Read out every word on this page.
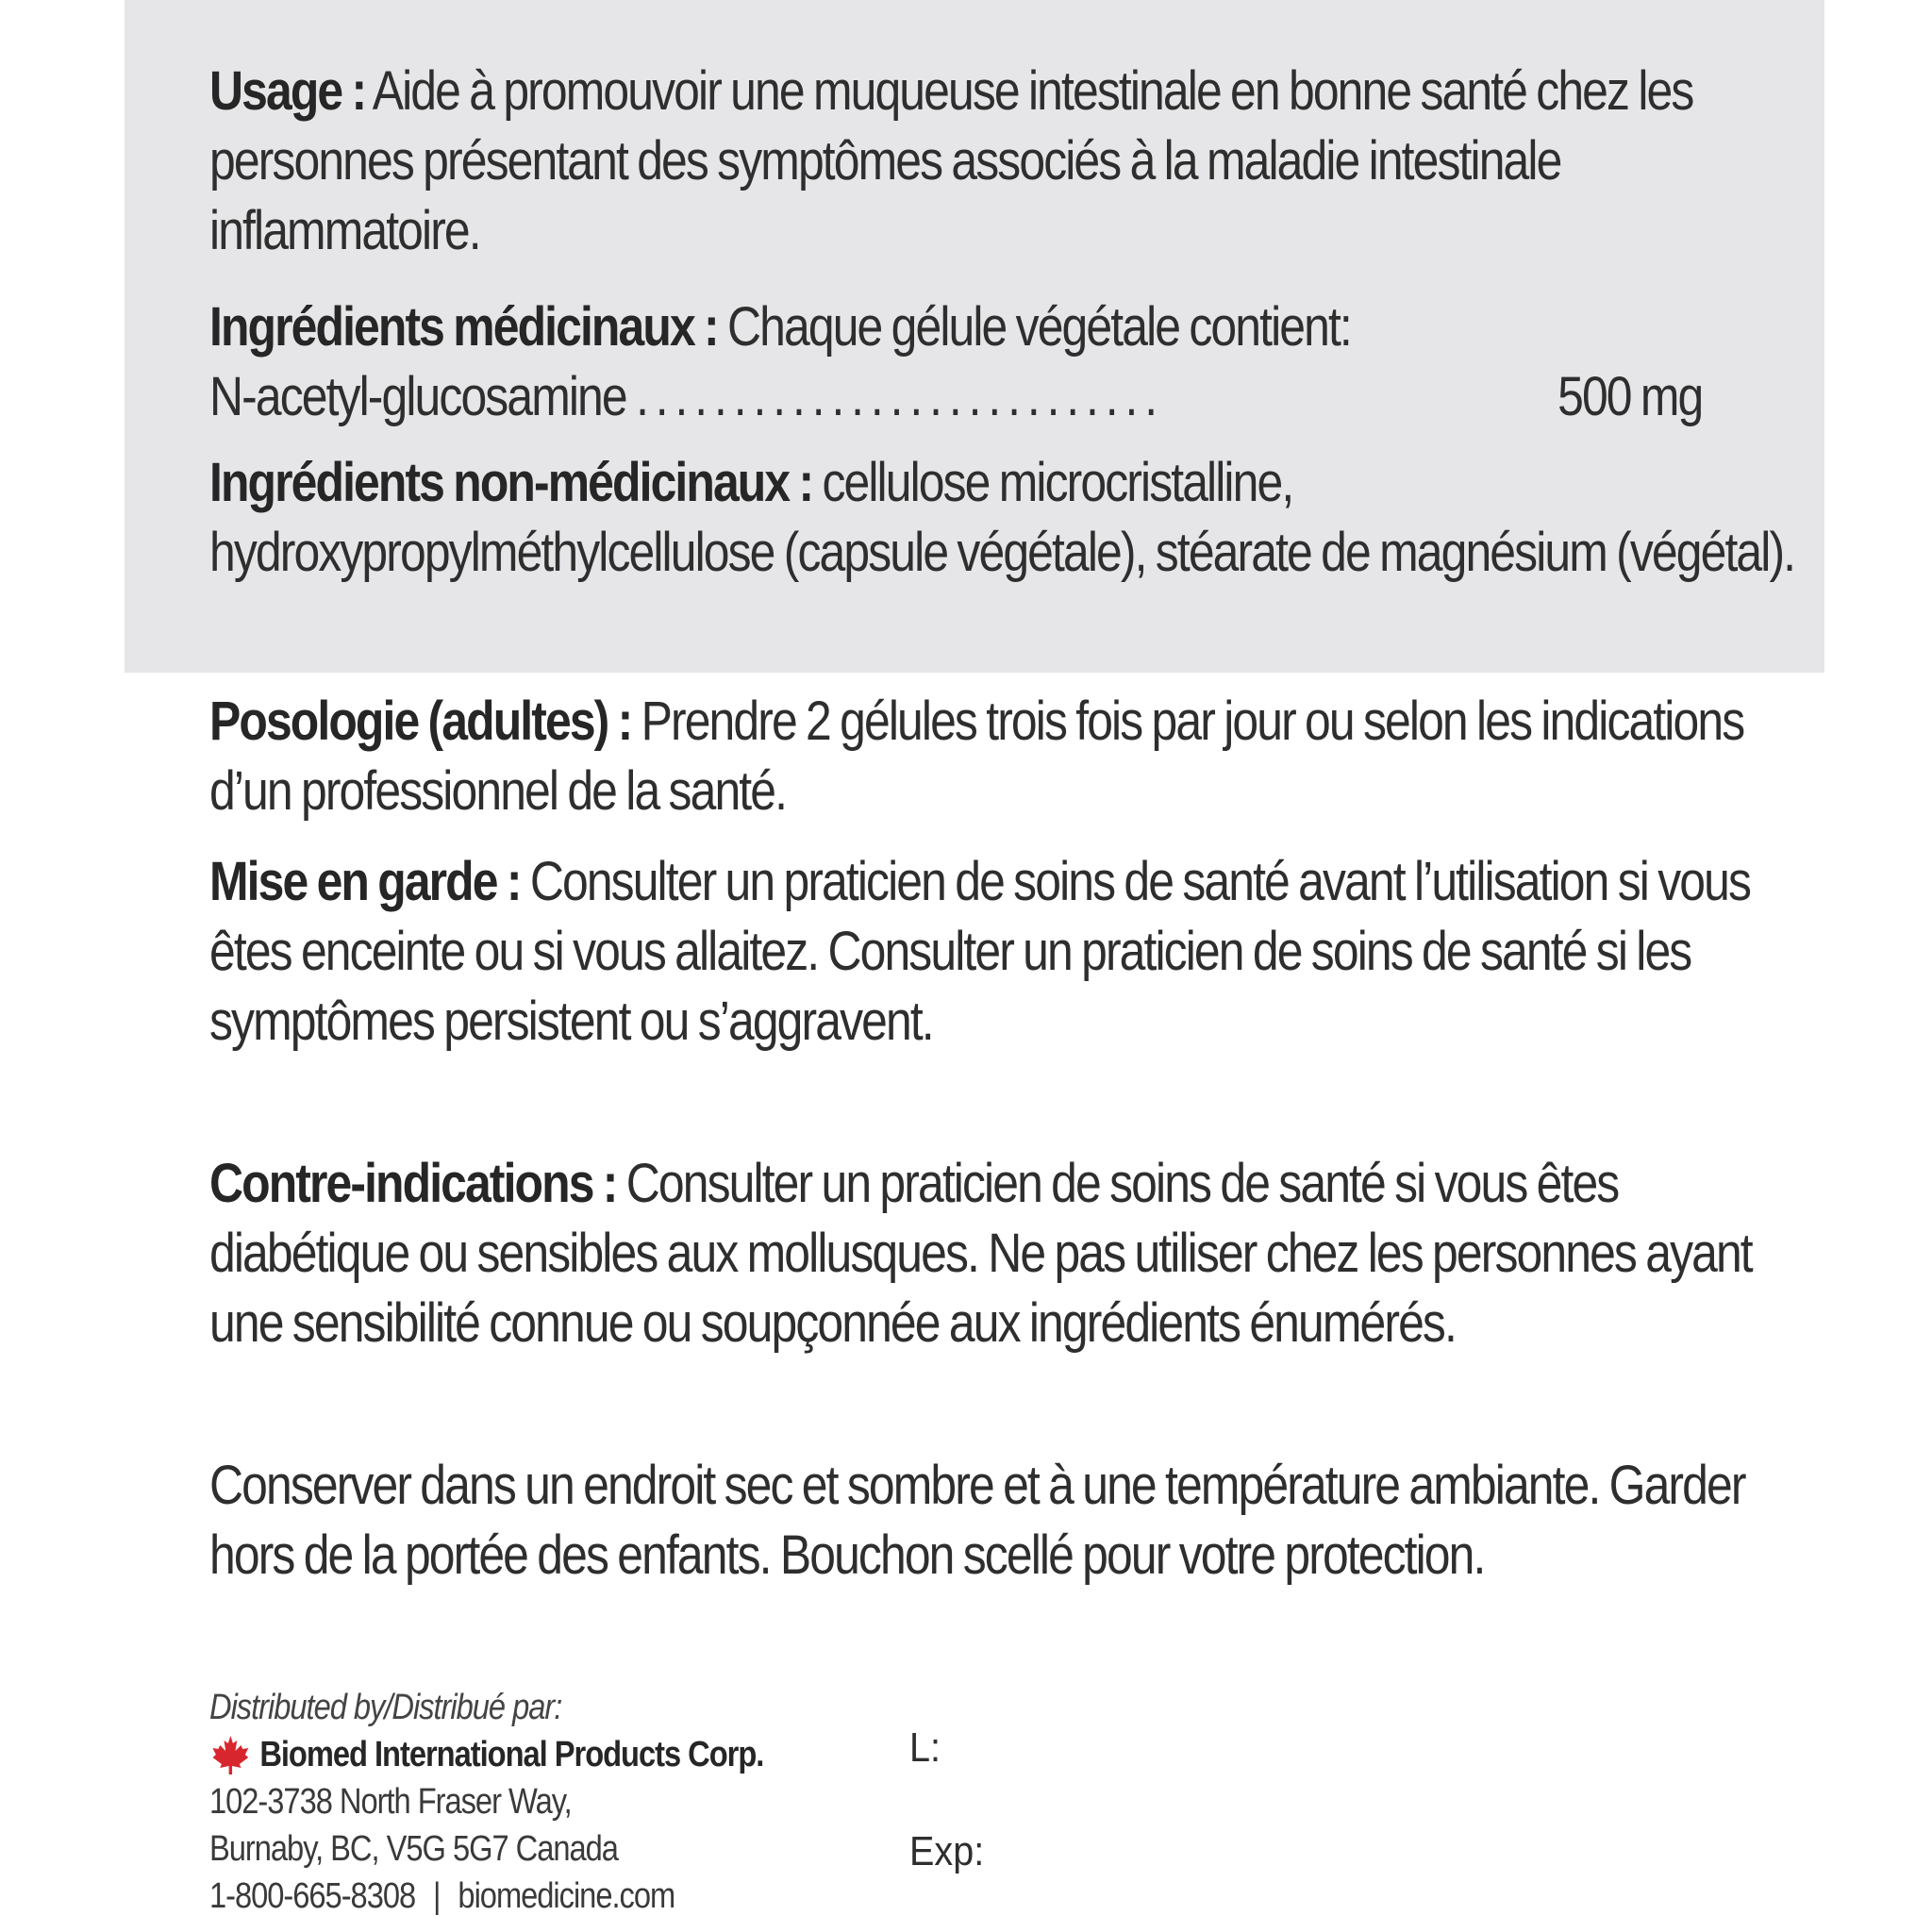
Usage : Aide à promouvoir une muqueuse intestinale en bonne santé chez les personnes présentant des symptômes associés à la maladie intestinale inflammatoire.
Ingrédients médicinaux : Chaque gélule végétale contient:
N-acetyl-glucosamine ...........................	500 mg
Ingrédients non-médicinaux : cellulose microcristalline, hydroxypropylméthylcellulose (capsule végétale), stéarate de magnésium (végétal).
Posologie (adultes) : Prendre 2 gélules trois fois par jour ou selon les indications d’un professionnel de la santé.
Mise en garde : Consulter un praticien de soins de santé avant l’utilisation si vous êtes enceinte ou si vous allaitez. Consulter un praticien de soins de santé si les symptômes persistent ou s’aggravent.
Contre-indications : Consulter un praticien de soins de santé si vous êtes diabétique ou sensibles aux mollusques. Ne pas utiliser chez les personnes ayant une sensibilité connue ou soupçonnée aux ingrédients énumérés.
Conserver dans un endroit sec et sombre et à une température ambiante. Garder hors de la portée des enfants. Bouchon scellé pour votre protection.
Distributed by/Distribué par:
Biomed International Products Corp.
102-3738 North Fraser Way,
Burnaby, BC, V5G 5G7 Canada
1-800-665-8308 | biomedicine.com
L:
Exp:
